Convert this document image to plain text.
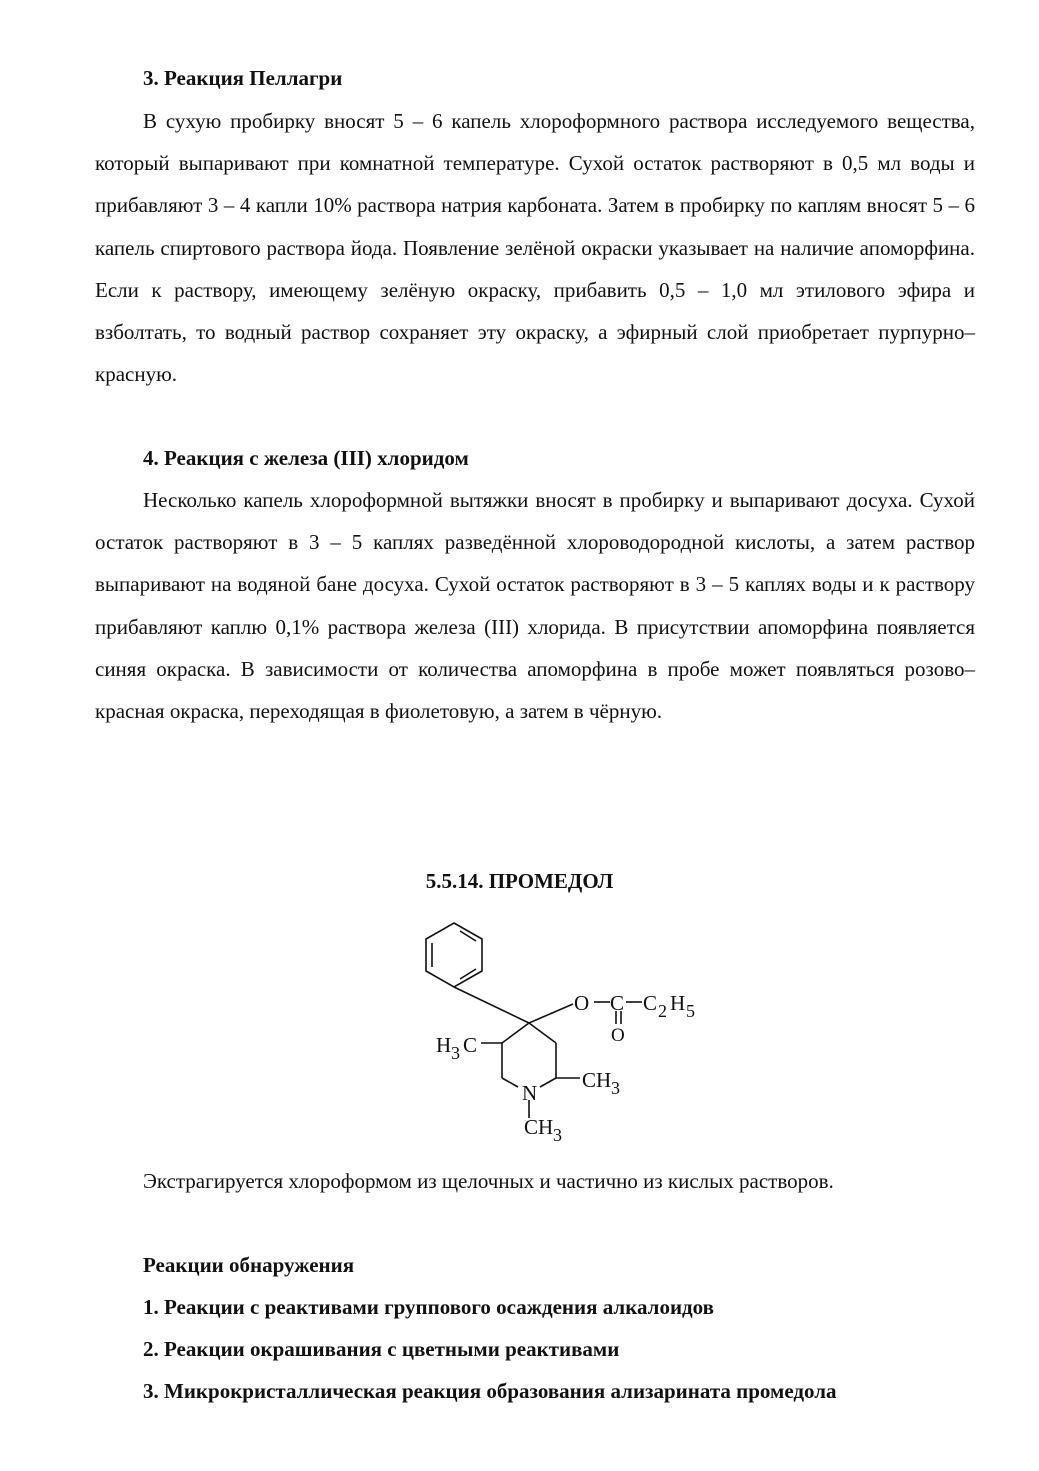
3. Реакция Пеллагри
В сухую пробирку вносят 5 – 6 капель хлороформного раствора исследуемого вещества, который выпаривают при комнатной температуре. Сухой остаток растворяют в 0,5 мл воды и прибавляют 3 – 4 капли 10% раствора натрия карбоната. Затем в пробирку по каплям вносят 5 – 6 капель спиртового раствора йода. Появление зелёной окраски указывает на наличие апоморфина. Если к раствору, имеющему зелёную окраску, прибавить 0,5 – 1,0 мл этилового эфира и взболтать, то водный раствор сохраняет эту окраску, а эфирный слой приобретает пурпурно–красную.
4. Реакция с железа (III) хлоридом
Несколько капель хлороформной вытяжки вносят в пробирку и выпаривают досуха. Сухой остаток растворяют в 3 – 5 каплях разведённой хлороводородной кислоты, а затем раствор выпаривают на водяной бане досуха. Сухой остаток растворяют в 3 – 5 каплях воды и к раствору прибавляют каплю 0,1% раствора железа (III) хлорида. В присутствии апоморфина появляется синяя окраска. В зависимости от количества апоморфина в пробе может появляться розово–красная окраска, переходящая в фиолетовую, а затем в чёрную.
5.5.14. ПРОМЕДОЛ
O C C 2 H 5
O
H 3 C
CH 3
N
CH 3
Экстрагируется хлороформом из щелочных и частично из кислых растворов.
Реакции обнаружения
1. Реакции с реактивами группового осаждения алкалоидов
2. Реакции окрашивания с цветными реактивами
3. Микрокристаллическая реакция образования ализарината промедола
